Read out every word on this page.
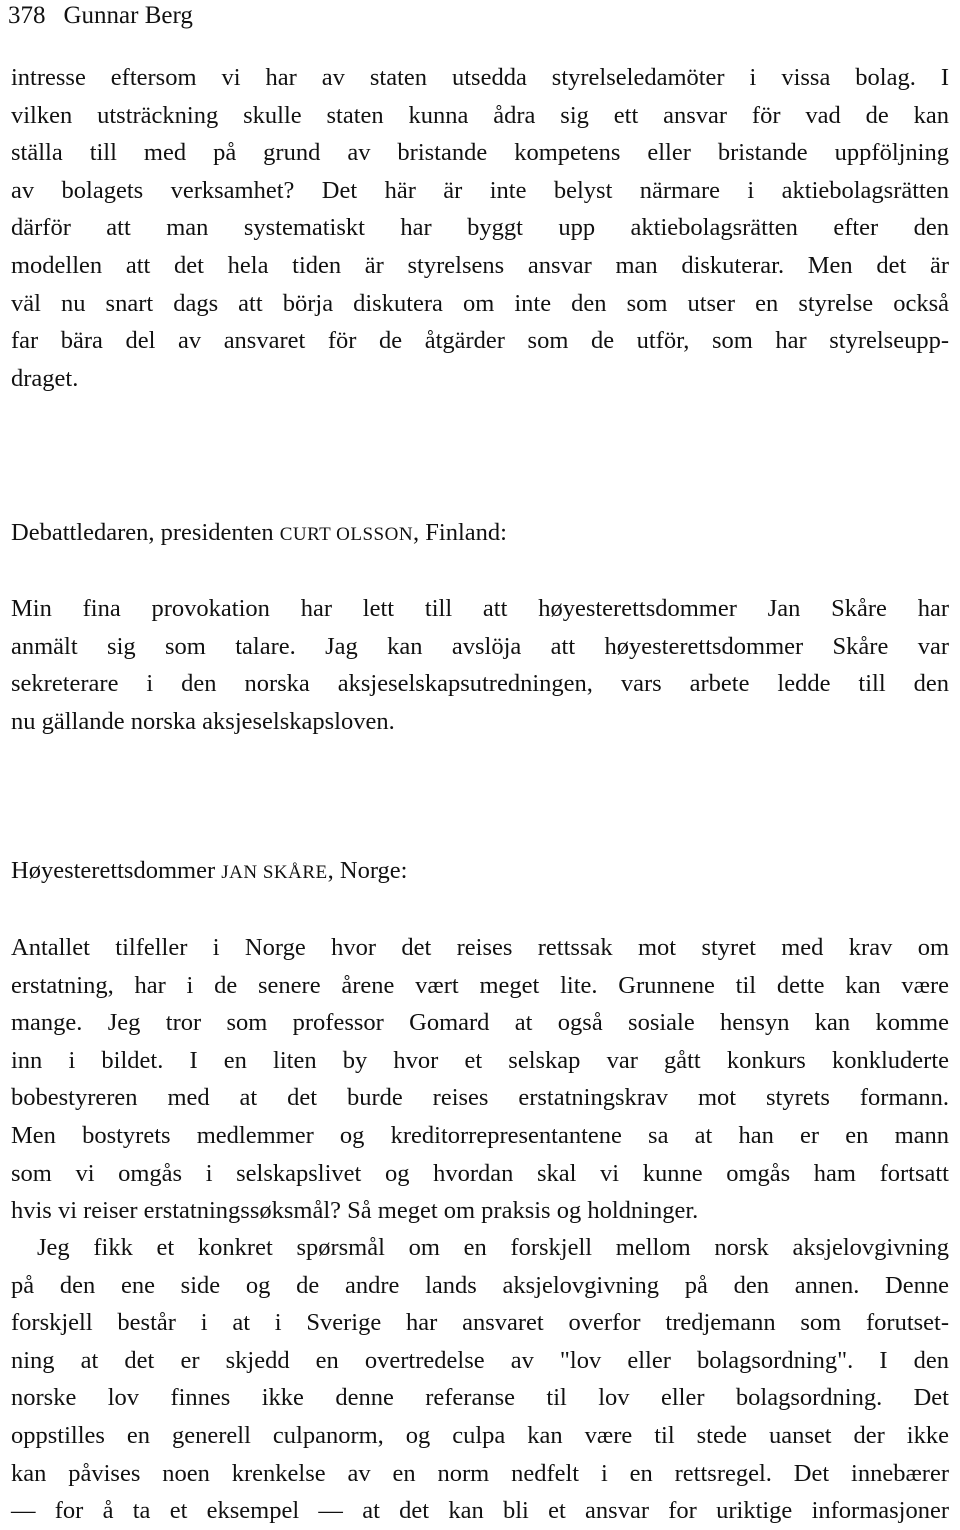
378 Gunnar Berg
intresse eftersom vi har av staten utsedda styrelseledamöter i vissa bolag. I
vilken utsträckning skulle staten kunna ådra sig ett ansvar för vad de kan
ställa till med på grund av bristande kompetens eller bristande uppföljning
av bolagets verksamhet? Det här är inte belyst närmare i aktiebolagsrätten
därför att man systematiskt har byggt upp aktiebolagsrätten efter den
modellen att det hela tiden är styrelsens ansvar man diskuterar. Men det är
väl nu snart dags att börja diskutera om inte den som utser en styrelse också
far bära del av ansvaret för de åtgärder som de utför, som har styrelseupp-
draget.
Debattledaren, presidenten CURT OLSSON, Finland:
Min fina provokation har lett till att høyesterettsdommer Jan Skåre har
anmält sig som talare. Jag kan avslöja att høyesterettsdommer Skåre var
sekreterare i den norska aksjeselskapsutredningen, vars arbete ledde till den
nu gällande norska aksjeselskapsloven.
Høyesterettsdommer JAN SKÅRE, Norge:
Antallet tilfeller i Norge hvor det reises rettssak mot styret med krav om
erstatning, har i de senere årene vært meget lite. Grunnene til dette kan være
mange. Jeg tror som professor Gomard at også sosiale hensyn kan komme
inn i bildet. I en liten by hvor et selskap var gått konkurs konkluderte
bobestyreren med at det burde reises erstatningskrav mot styrets formann.
Men bostyrets medlemmer og kreditorrepresentantene sa at han er en mann
som vi omgås i selskapslivet og hvordan skal vi kunne omgås ham fortsatt
hvis vi reiser erstatningssøksmål? Så meget om praksis og holdninger.
Jeg fikk et konkret spørsmål om en forskjell mellom norsk aksjelovgivning
på den ene side og de andre lands aksjelovgivning på den annen. Denne
forskjell består i at i Sverige har ansvaret overfor tredjemann som forutset-
ning at det er skjedd en overtredelse av "lov eller bolagsordning". I den
norske lov finnes ikke denne referanse til lov eller bolagsordning. Det
oppstilles en generell culpanorm, og culpa kan være til stede uanset der ikke
kan påvises noen krenkelse av en norm nedfelt i en rettsregel. Det innebærer
— for å ta et eksempel — at det kan bli et ansvar for uriktige informasjoner
